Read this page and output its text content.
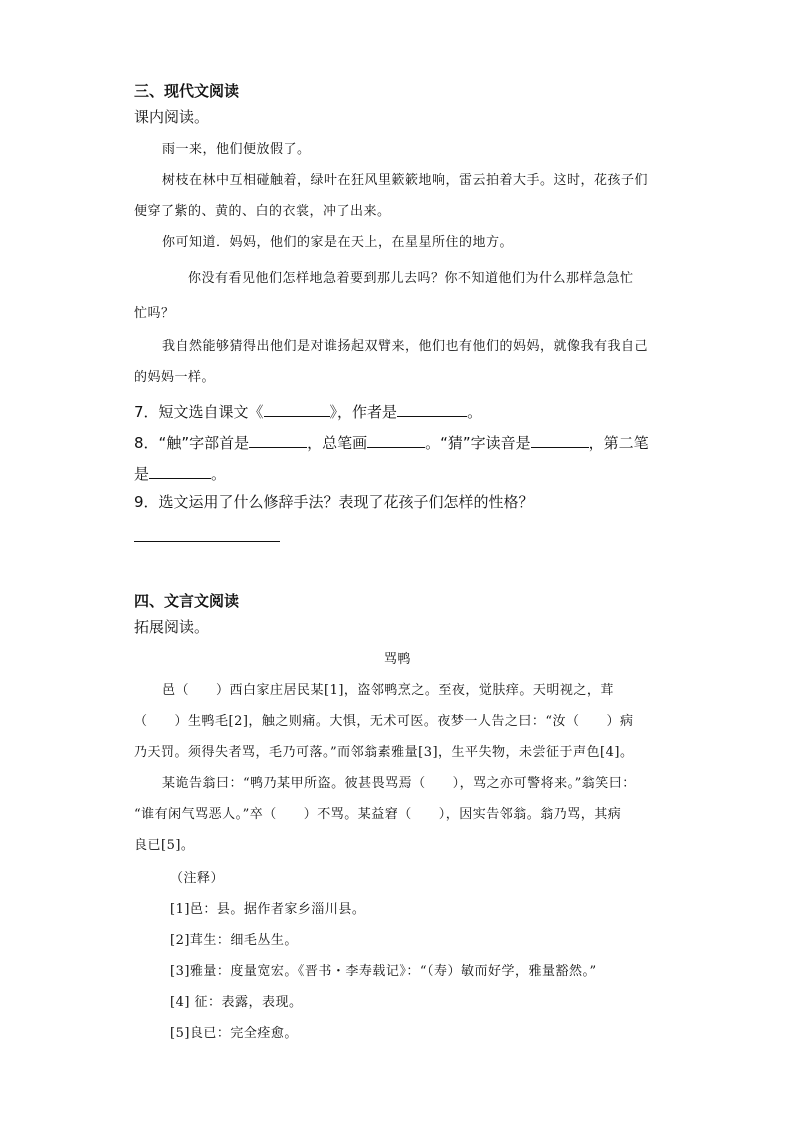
三、现代文阅读
课内阅读。
雨一来，他们便放假了。
树枝在林中互相碰触着，绿叶在狂风里簌簌地响，雷云拍着大手。这时，花孩子们
便穿了紫的、黄的、白的衣裳，冲了出来。
你可知道．妈妈，他们的家是在天上，在星星所住的地方。
你没有看见他们怎样地急着要到那儿去吗？你不知道他们为什么那样急急忙
忙吗？
我自然能够猜得出他们是对谁扬起双臂来，他们也有他们的妈妈，就像我有我自己
的妈妈一样。
7．短文选自课文《	》，作者是	。
8．“触”字部首是	，总笔画	。“猜”字读音是	，第二笔
是	。
9．选文运用了什么修辞手法？表现了花孩子们怎样的性格？
四、文言文阅读
拓展阅读。
骂鸭
邑（　　）西白家庄居民某[1]，盗邻鸭烹之。至夜，觉肤痒。天明视之，茸
（　　）生鸭毛[2]，触之则痛。大惧，无术可医。夜梦一人告之曰：“汝（　　）病
乃天罚。须得失者骂，毛乃可落。”而邻翁素雅量[3]，生平失物，未尝征于声色[4]。
某诡告翁曰：“鸭乃某甲所盗。彼甚畏骂焉（　　），骂之亦可警将来。”翁笑曰：
“谁有闲气骂恶人。”卒（　　）不骂。某益窘（　　），因实告邻翁。翁乃骂，其病
良已[5]。
（注释）
[1]邑：县。据作者家乡淄川县。
[2]茸生：细毛丛生。
[3]雅量：度量宽宏。《晋书・李寿载记》：“（寿）敏而好学，雅量豁然。”
[4] 征：表露，表现。
[5]良已：完全痊愈。
